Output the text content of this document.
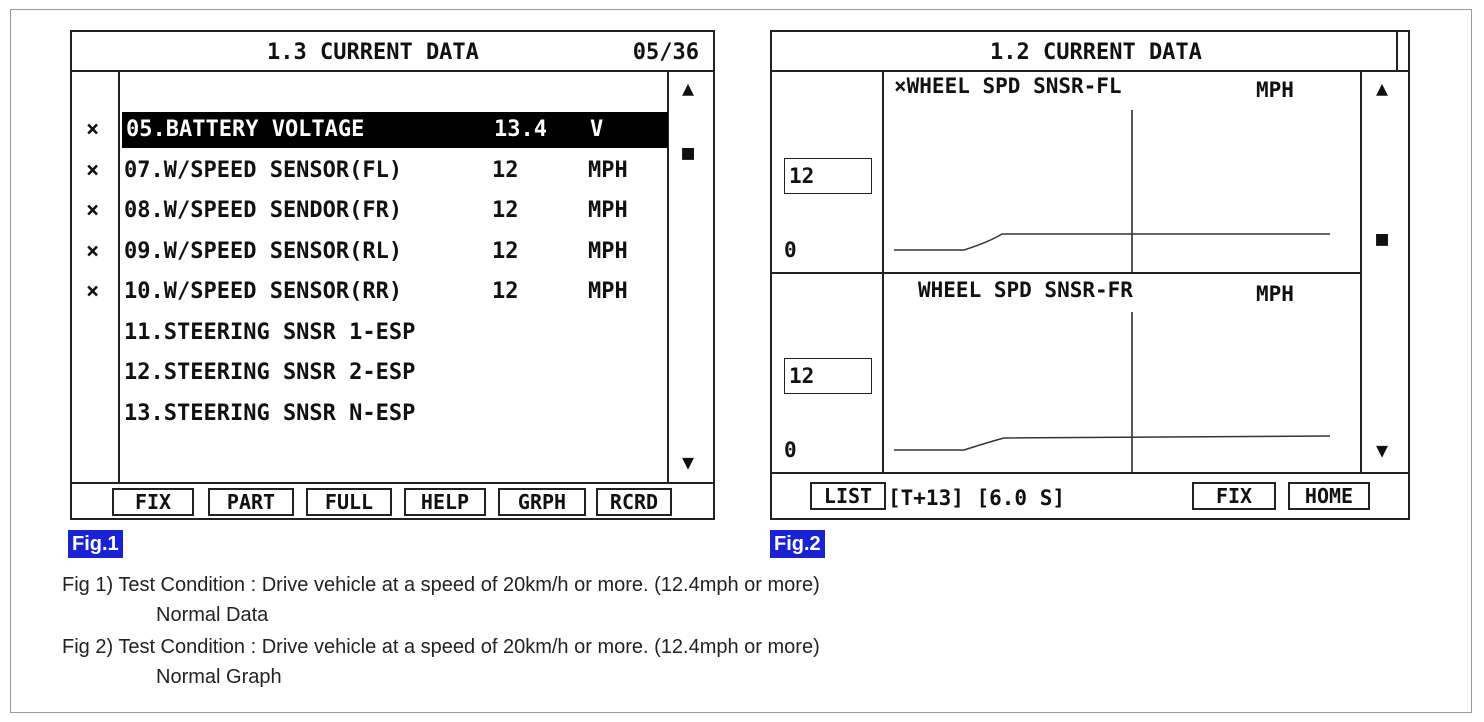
1.3 CURRENT DATA	05/36
▲
■
▼
× 05.BATTERY VOLTAGE	13.4 V
× 07.W/SPEED SENSOR(FL)	12	MPH
× 08.W/SPEED SENDOR(FR)	12	MPH
× 09.W/SPEED SENSOR(RL)	12	MPH
× 10.W/SPEED SENSOR(RR)	12	MPH
11.STEERING SNSR 1-ESP
12.STEERING SNSR 2-ESP
13.STEERING SNSR N-ESP
FIX	PART	FULL	HELP	GRPH	RCRD
1.2 CURRENT DATA
▲
■
▼
×WHEEL SPD SNSR-FL	MPH
12
0
WHEEL SPD SNSR-FR	MPH
12
0
LIST [T+13] [6.0 S]	FIX	HOME
Fig.1	Fig.2
Fig 1) Test Condition : Drive vehicle at a speed of 20km/h or more. (12.4mph or more)
Normal Data
Fig 2) Test Condition : Drive vehicle at a speed of 20km/h or more. (12.4mph or more)
Normal Graph
